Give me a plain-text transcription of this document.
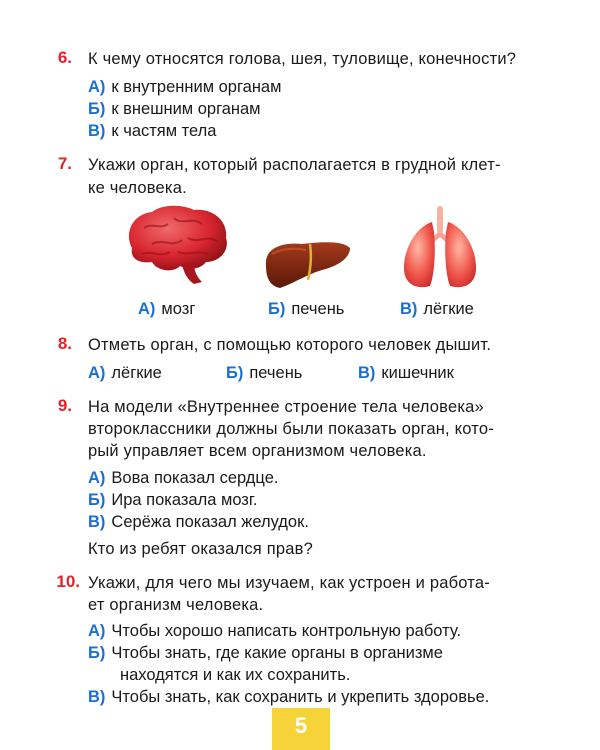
6. К чему относятся голова, шея, туловище, конечности?
А) к внутренним органам
Б) к внешним органам
В) к частям тела
7. Укажи орган, который располагается в грудной клет-
ке человека.
А) мозг	Б) печень	В) лёгкие
8. Отметь орган, с помощью которого человек дышит.
А) лёгкие	Б) печень	В) кишечник
9. На модели «Внутреннее строение тела человека»
второклассники должны были показать орган, кото-
рый управляет всем организмом человека.
А) Вова показал сердце.
Б) Ира показала мозг.
В) Серёжа показал желудок.
Кто из ребят оказался прав?
10. Укажи, для чего мы изучаем, как устроен и работа-
ет организм человека.
А) Чтобы хорошо написать контрольную работу.
Б) Чтобы знать, где какие органы в организме
находятся и как их сохранить.
В) Чтобы знать, как сохранить и укрепить здоровье.
5
